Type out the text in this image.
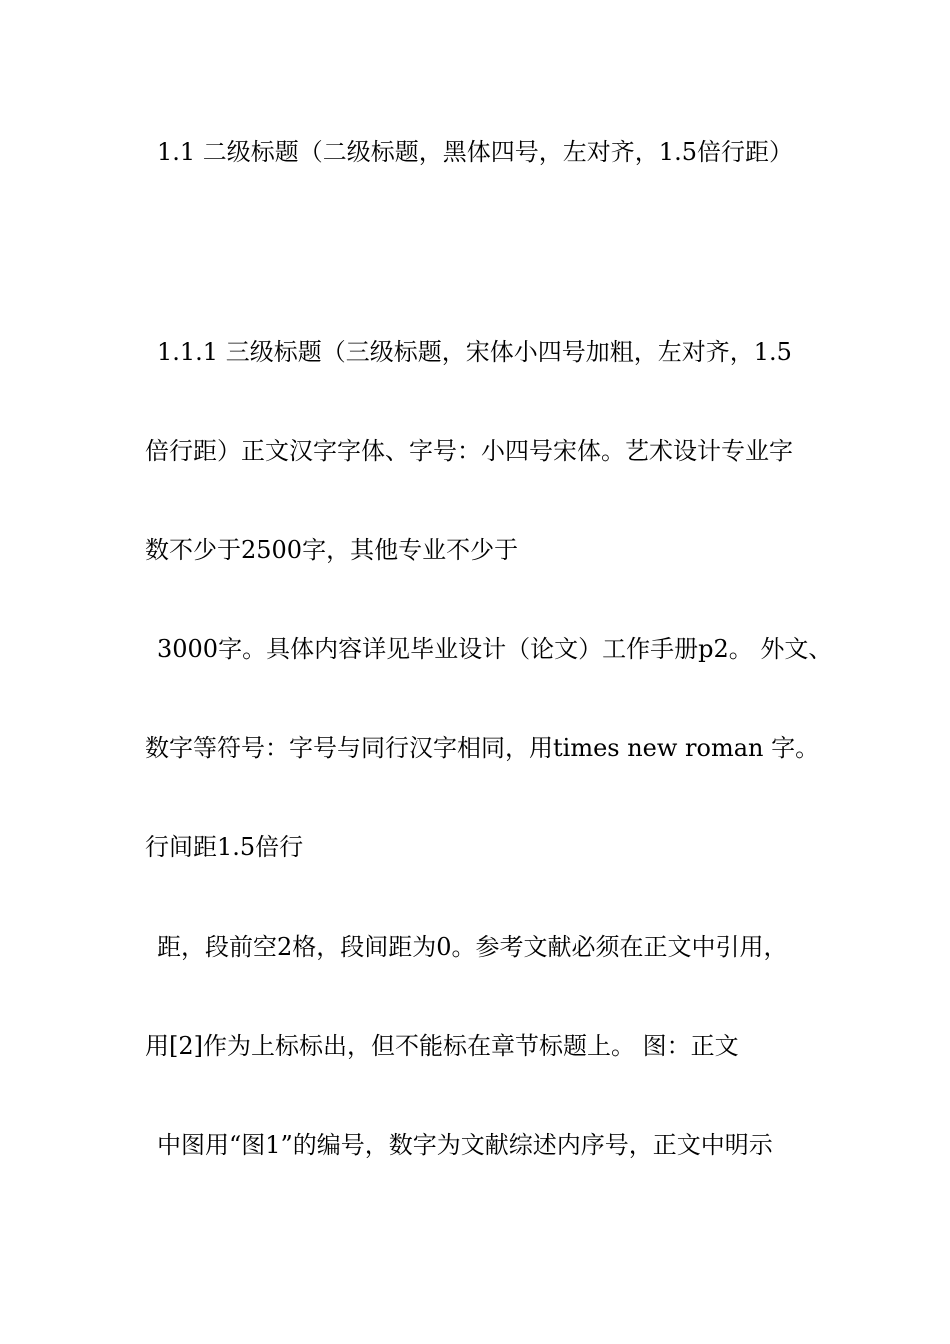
1.1 二级标题（二级标题，黑体四号，左对齐，1.5倍行距）
1.1.1 三级标题（三级标题，宋体小四号加粗，左对齐，1.5
倍行距）正文汉字字体、字号：小四号宋体。艺术设计专业字
数不少于2500字，其他专业不少于
3000字。具体内容详见毕业设计（论文）工作手册p2。 外文、
数字等符号：字号与同行汉字相同，用times new roman 字。
行间距1.5倍行
距，段前空2格，段间距为0。参考文献必须在正文中引用，
用[2]作为上标标出，但不能标在章节标题上。 图：正文
中图用“图1”的编号，数字为文献综述内序号，正文中明示
